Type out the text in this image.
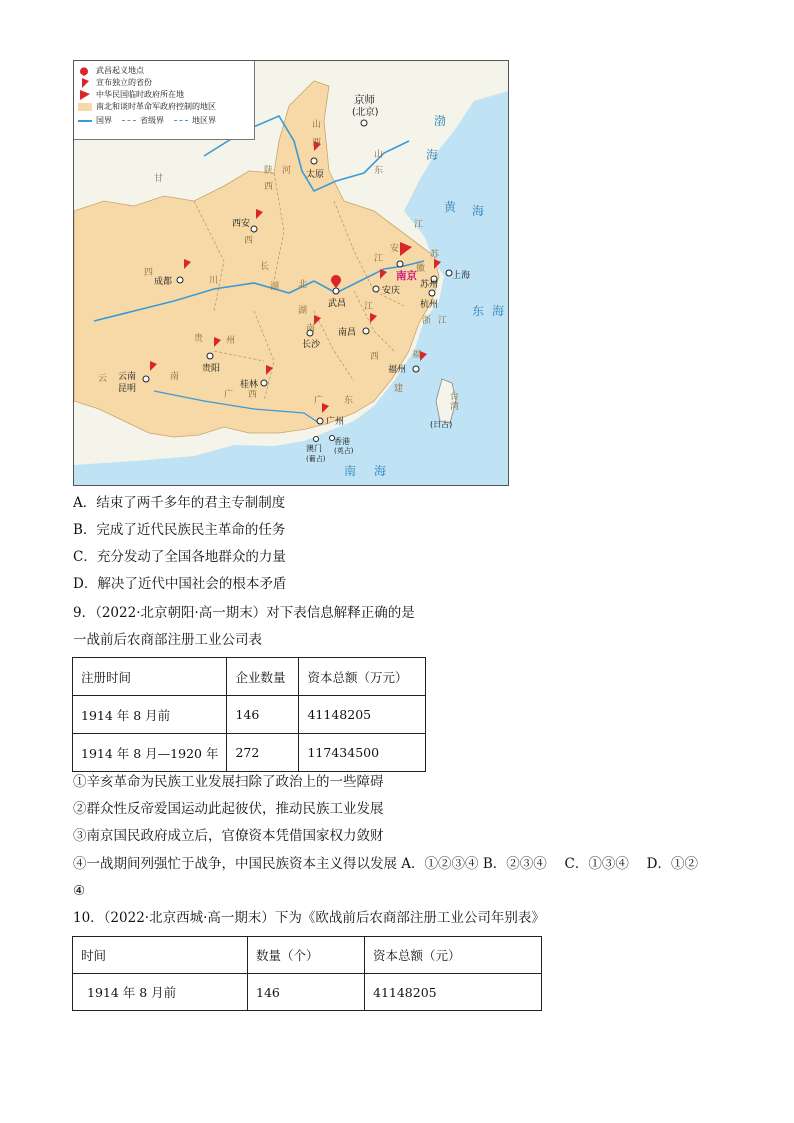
山
西
陕
西
河
山
东
甘
西
四
川
湖 北
长
江
安
徽
苏
江
浙 江
湖
南
江
西
贵	州
云	南
广 西
福
建
台
湾
广 东
渤
海
黄 海
东 海
南 海
京师
(北京)
太原
西安
成都
武昌
安庆
南京
苏州
上海
杭州
南昌
长沙
贵阳
云南
昆明	桂林
福州
广州
澳门
(葡占)
香港
(英占)
(日占)
武昌起义地点
宣布独立的省份
中华民国临时政府所在地
南北和谈时革命军政府控制的地区
国界	省级界	地区界
A．结束了两千多年的君主专制制度
B．完成了近代民族民主革命的任务
C．充分发动了全国各地群众的力量
D．解决了近代中国社会的根本矛盾
9．（2022·北京朝阳·高一期末）对下表信息解释正确的是
一战前后农商部注册工业公司表
注册时间	企业数量	资本总额（万元）
1914 年 8 月前	146	41148205
1914 年 8 月—1920 年	272	117434500
①辛亥革命为民族工业发展扫除了政治上的一些障碍
②群众性反帝爱国运动此起彼伏，推动民族工业发展
③南京国民政府成立后，官僚资本凭借国家权力敛财
④一战期间列强忙于战争，中国民族资本主义得以发展 A．①②③④ B．②③④　 C．①③④　 D．①②
④
10．（2022·北京西城·高一期末）下为《欧战前后农商部注册工业公司年别表》
时间	数量（个）	资本总额（元）
1914 年 8 月前	146	41148205
